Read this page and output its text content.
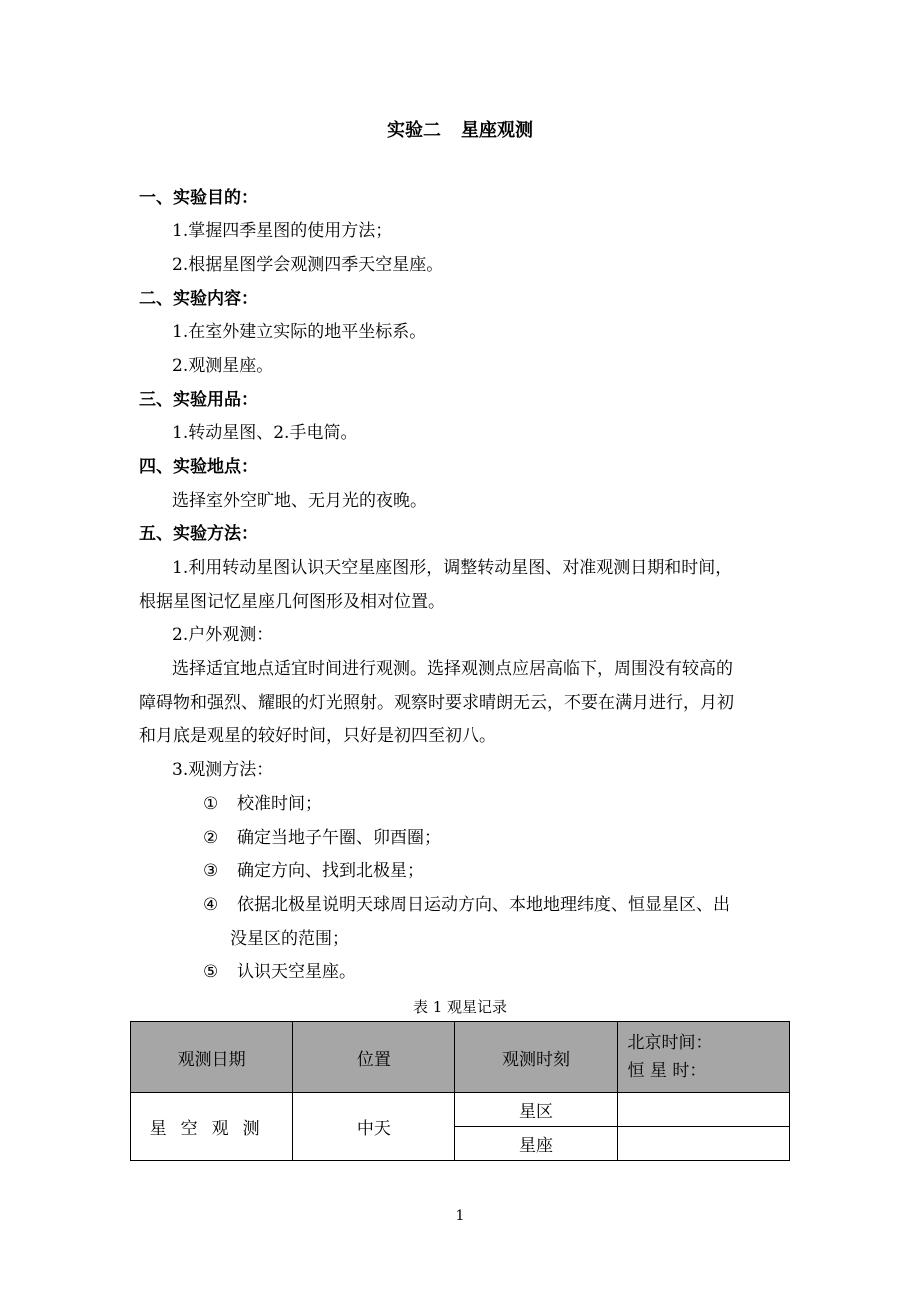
实验二 星座观测
一、实验目的：
1.掌握四季星图的使用方法；
2.根据星图学会观测四季天空星座。
二、实验内容：
1.在室外建立实际的地平坐标系。
2.观测星座。
三、实验用品：
1.转动星图、2.手电筒。
四、实验地点：
选择室外空旷地、无月光的夜晚。
五、实验方法：
1.利用转动星图认识天空星座图形，调整转动星图、对准观测日期和时间，
根据星图记忆星座几何图形及相对位置。
2.户外观测：
选择适宜地点适宜时间进行观测。选择观测点应居高临下，周围没有较高的
障碍物和强烈、耀眼的灯光照射。观察时要求晴朗无云，不要在满月进行，月初
和月底是观星的较好时间，只好是初四至初八。
3.观测方法：
① 校准时间；
② 确定当地子午圈、卯酉圈；
③ 确定方向、找到北极星；
④ 依据北极星说明天球周日运动方向、本地地理纬度、恒显星区、出
没星区的范围；
⑤ 认识天空星座。
表 1 观星记录
观测日期	位置	观测时刻	北京时间：
恒 星 时：

星空观测	中天	星区	
		星座	
1
